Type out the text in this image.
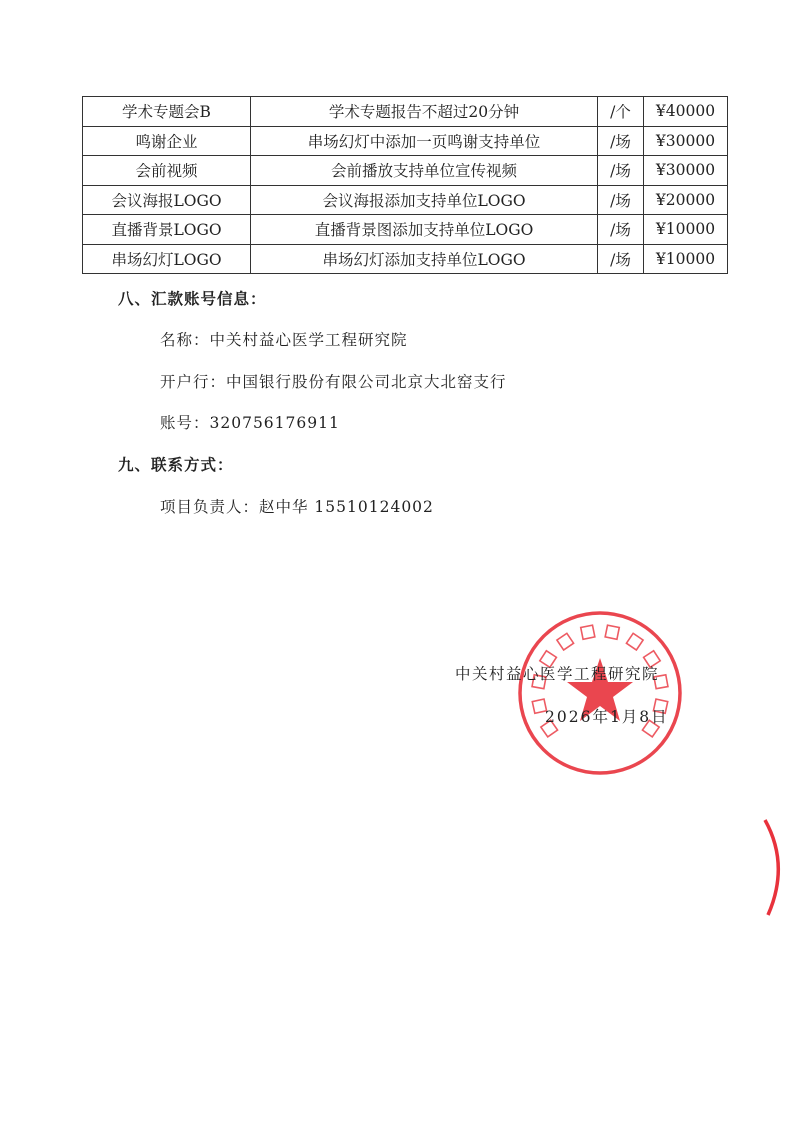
学术专题会B	学术专题报告不超过20分钟	/个	¥40000
鸣谢企业	串场幻灯中添加一页鸣谢支持单位	/场	¥30000
会前视频	会前播放支持单位宣传视频	/场	¥30000
会议海报LOGO	会议海报添加支持单位LOGO	/场	¥20000
直播背景LOGO	直播背景图添加支持单位LOGO	/场	¥10000
串场幻灯LOGO	串场幻灯添加支持单位LOGO	/场	¥10000
八、汇款账号信息：
名称：中关村益心医学工程研究院
开户行：中国银行股份有限公司北京大北窑支行
账号：320756176911
九、联系方式：
项目负责人：赵中华 15510124002
中关村益心医学工程研究院
2026年1月8日
